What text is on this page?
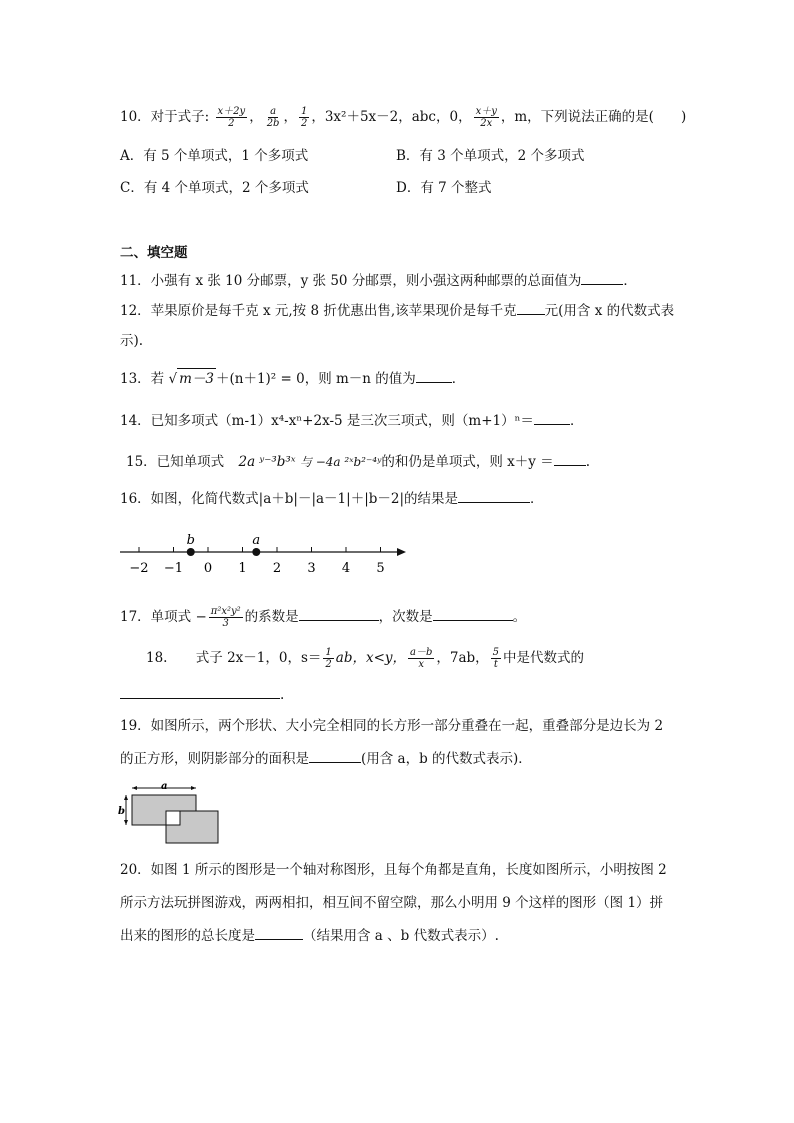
10．对于式子: $\frac{x+2y}{2}$ ， $\frac{a}{2b}$ ， $\frac{1}{2}$ ，3x²＋5x－2，abc，0， $\frac{x+y}{2x}$ ，m，下列说法正确的是(　　)
A．有 5 个单项式，1 个多项式	B．有 3 个单项式，2 个多项式
C．有 4 个单项式，2 个多项式	D．有 7 个整式
二、填空题
11．小强有 x 张 10 分邮票，y 张 50 分邮票，则小强这两种邮票的总面值为	．
12．苹果原价是每千克 x 元,按 8 折优惠出售,该苹果现价是每千克 元(用含 x 的代数式表
示).
13．若 √ m－3 ＋(n＋1)² = 0，则 m－n 的值为	．
14．已知多项式（m-1）x⁴-xⁿ+2x-5 是三次三项式，则（m+1）ⁿ＝	．
15．已知单项式 2a ʸ⁻³b³ˣ 与 −4a ²ˣb²⁻⁴ʸ的和仍是单项式，则 x＋y ＝ .
16．如图，化简代数式|a＋b|－|a－1|＋|b－2|的结果是	．
−2 −1 0 1 2 3 4 5
b	a
17．单项式 − $\frac{\text{π²x²y²}}{3}$ 的系数是	，次数是	。
18. 式子 2x－1，0，$s= \frac{1}{2}$ ab，x<y， $\frac{a-b}{x}$ ，7ab， $\frac{5}{t}$ 中是代数式的
.
19．如图所示，两个形状、大小完全相同的长方形一部分重叠在一起，重叠部分是边长为 2
的正方形，则阴影部分的面积是	(用含 a，b 的代数式表示)．
a
b
20．如图 1 所示的图形是一个轴对称图形，且每个角都是直角，长度如图所示，小明按图 2
所示方法玩拼图游戏，两两相扣，相互间不留空隙，那么小明用 9 个这样的图形（图 1）拼
出来的图形的总长度是	（结果用含 a 、b 代数式表示）.
